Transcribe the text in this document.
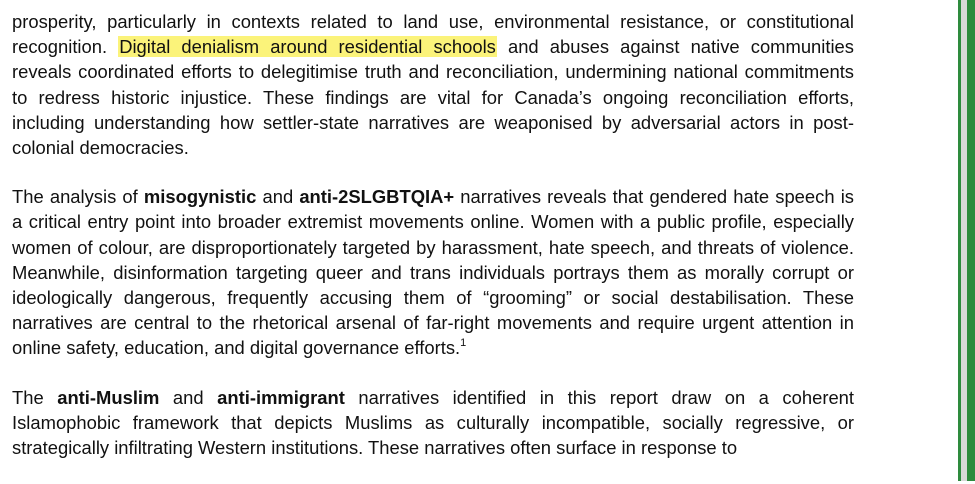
prosperity, particularly in contexts related to land use, environmental resistance, or constitutional recognition. Digital denialism around residential schools and abuses against native communities reveals coordinated efforts to delegitimise truth and reconciliation, undermining national commitments to redress historic injustice. These findings are vital for Canada’s ongoing reconciliation efforts, including understanding how settler-state narratives are weaponised by adversarial actors in post-colonial democracies.

The analysis of misogynistic and anti-2SLGBTQIA+ narratives reveals that gendered hate speech is a critical entry point into broader extremist movements online. Women with a public profile, especially women of colour, are disproportionately targeted by harassment, hate speech, and threats of violence. Meanwhile, disinformation targeting queer and trans individuals portrays them as morally corrupt or ideologically dangerous, frequently accusing them of “grooming” or social destabilisation. These narratives are central to the rhetorical arsenal of far-right movements and require urgent attention in online safety, education, and digital governance efforts.$^1$

The anti-Muslim and anti-immigrant narratives identified in this report draw on a coherent Islamophobic framework that depicts Muslims as culturally incompatible, socially regressive, or strategically infiltrating Western institutions. These narratives often surface in response to
